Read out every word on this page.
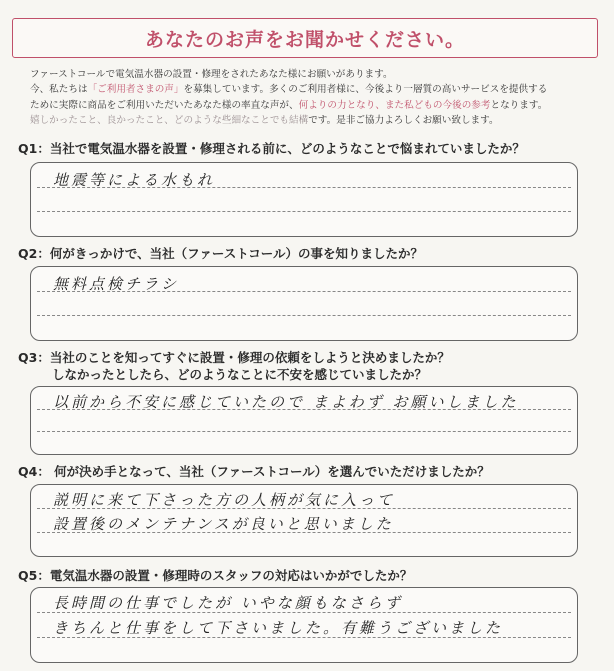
あなたのお声をお聞かせください。
ファーストコールで電気温水器の設置・修理をされたあなた様にお願いがあります。
今、私たちは「ご利用者さまの声」を募集しています。多くのご利用者様に、今後より一層質の高いサービスを提供する
ために実際に商品をご利用いただいたあなた様の率直な声が、何よりの力となり、また私どもの今後の参考となります。
嬉しかったこと、良かったこと、どのような些細なことでも結構です。是非ご協力よろしくお願い致します。
Q1：当社で電気温水器を設置・修理される前に、どのようなことで悩まれていましたか？
地震等による水もれ
Q2：何がきっかけで、当社（ファーストコール）の事を知りましたか？
無料点検チラシ
Q3：当社のことを知ってすぐに設置・修理の依頼をしようと決めましたか？
しなかったとしたら、どのようなことに不安を感じていましたか？
以前から不安に感じていたので まよわず お願いしました
Q4： 何が決め手となって、当社（ファーストコール）を選んでいただけましたか？
説明に来て下さった方の人柄が気に入って
設置後のメンテナンスが良いと思いました
Q5：電気温水器の設置・修理時のスタッフの対応はいかがでしたか？
長時間の仕事でしたが いやな顔もなさらず
きちんと仕事をして下さいました。有難うございました
